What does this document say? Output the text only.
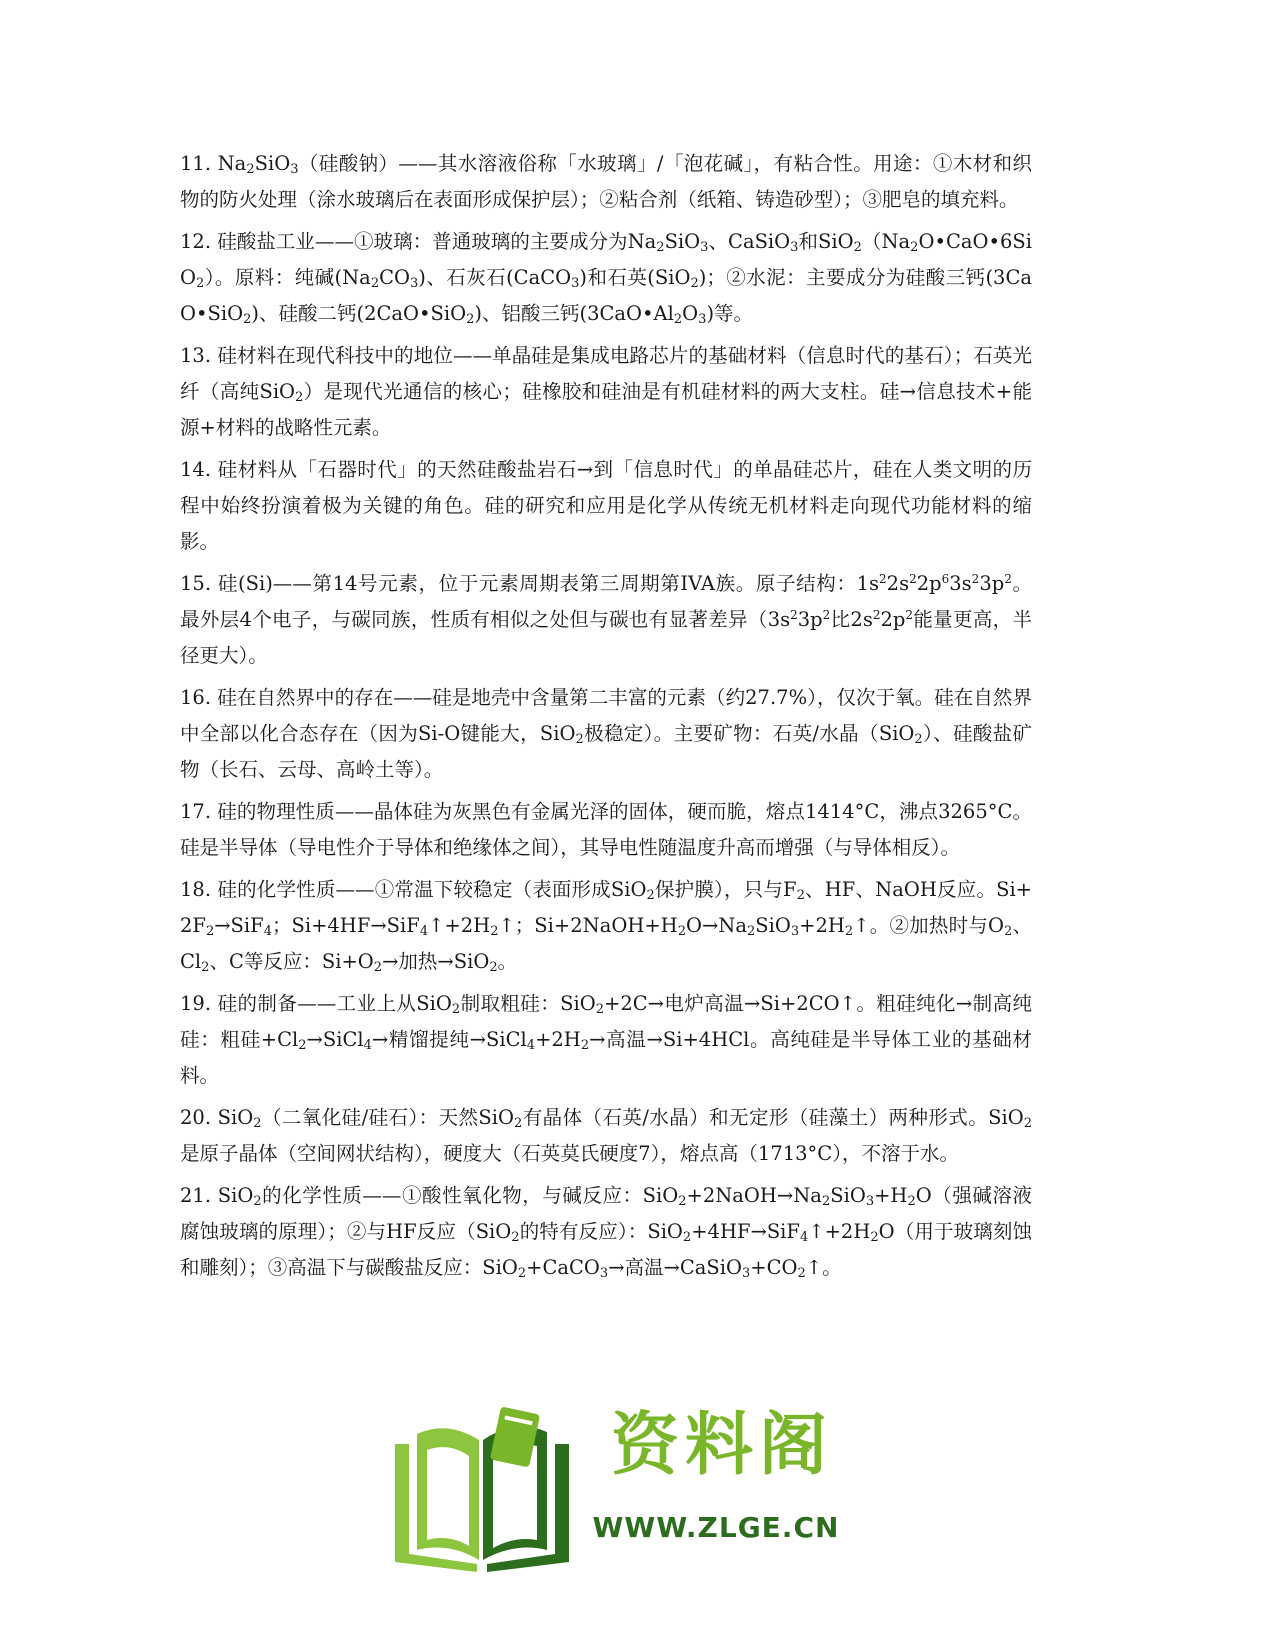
11. $Na_2SiO_3$（硅酸钠）——其水溶液俗称「水玻璃」/「泡花碱」，有粘合性。用途：①木材和织物的防火处理（涂水玻璃后在表面形成保护层）；②粘合剂（纸箱、铸造砂型）；③肥皂的填充料。

12. 硅酸盐工业——①玻璃：普通玻璃的主要成分为$Na_2SiO_3$、CaSiO$_3$和$SiO_2(Na_2O•CaO•6SiO_2)$。原料：纯碱$(Na_2CO_3)$、石灰石(CaCO$_3$)和石英(SiO$_2$)；②水泥：主要成分为硅酸三钙(3CaO•SiO$_2$)、硅酸二钙(2CaO•SiO$_2$)、铝酸三钙$(3CaO•Al_2O_3)$等。

13. 硅材料在现代科技中的地位——单晶硅是集成电路芯片的基础材料（信息时代的基石）；石英光纤（高纯SiO$_2$）是现代光通信的核心；硅橡胶和硅油是有机硅材料的两大支柱。硅→信息技术+能源+材料的战略性元素。

14. 硅材料从「石器时代」的天然硅酸盐岩石→到「信息时代」的单晶硅芯片，硅在人类文明的历程中始终扮演着极为关键的角色。硅的研究和应用是化学从传统无机材料走向现代功能材料的缩影。

15. 硅(Si)——第14号元素，位于元素周期表第三周期第IVA族。原子结构：$1s^22s^22p^63s^23p^2$。最外层4个电子，与碳同族，性质有相似之处但与碳也有显著差异（$3s^23p^2$比$2s^22p^2$能量更高，半径更大）。

16. 硅在自然界中的存在——硅是地壳中含量第二丰富的元素（约27.7%），仅次于氧。硅在自然界中全部以化合态存在（因为Si-O键能大，SiO$_2$极稳定）。主要矿物：石英/水晶（SiO$_2$）、硅酸盐矿物（长石、云母、高岭土等）。

17. 硅的物理性质——晶体硅为灰黑色有金属光泽的固体，硬而脆，熔点1414°C，沸点3265°C。硅是半导体（导电性介于导体和绝缘体之间），其导电性随温度升高而增强（与导体相反）。

18. 硅的化学性质——①常温下较稳定（表面形成SiO$_2$保护膜），只与$F_2$、HF、NaOH反应。$Si+2F_2\to SiF_4$；$Si+4HF\to SiF_4↑+2H_2↑$；$Si+2NaOH+H_2O\to Na_2SiO_3+2H_2↑$。②加热时与$O_2$、$Cl_2$、C等反应：$Si+O_2\to$加热→SiO$_2$。

19. 硅的制备——工业上从SiO$_2$制取粗硅：SiO$_2$+2C→电炉高温→Si+2CO↑。粗硅纯化→制高纯硅：粗硅$+Cl_2\to SiCl_4\to$精馏提纯$\to SiCl_4+2H_2\to$高温→Si+4HCl。高纯硅是半导体工业的基础材料。

20. SiO$_2$（二氧化硅/硅石）：天然SiO$_2$有晶体（石英/水晶）和无定形（硅藻土）两种形式。SiO$_2$是原子晶体（空间网状结构），硬度大（石英莫氏硬度7），熔点高（1713°C），不溶于水。

21. SiO$_2$的化学性质——①酸性氧化物，与碱反应：$SiO_2+2NaOH\to Na_2SiO_3+H_2O$（强碱溶液腐蚀玻璃的原理）；②与HF反应（SiO$_2$的特有反应）：$SiO_2+4HF\to SiF_4↑+2H_2O$（用于玻璃刻蚀和雕刻）；③高温下与碳酸盐反应：SiO$_2$+CaCO$_3$→高温$\to CaSiO_3+CO_2↑$。

资料阁
WWW.ZLGE.CN
